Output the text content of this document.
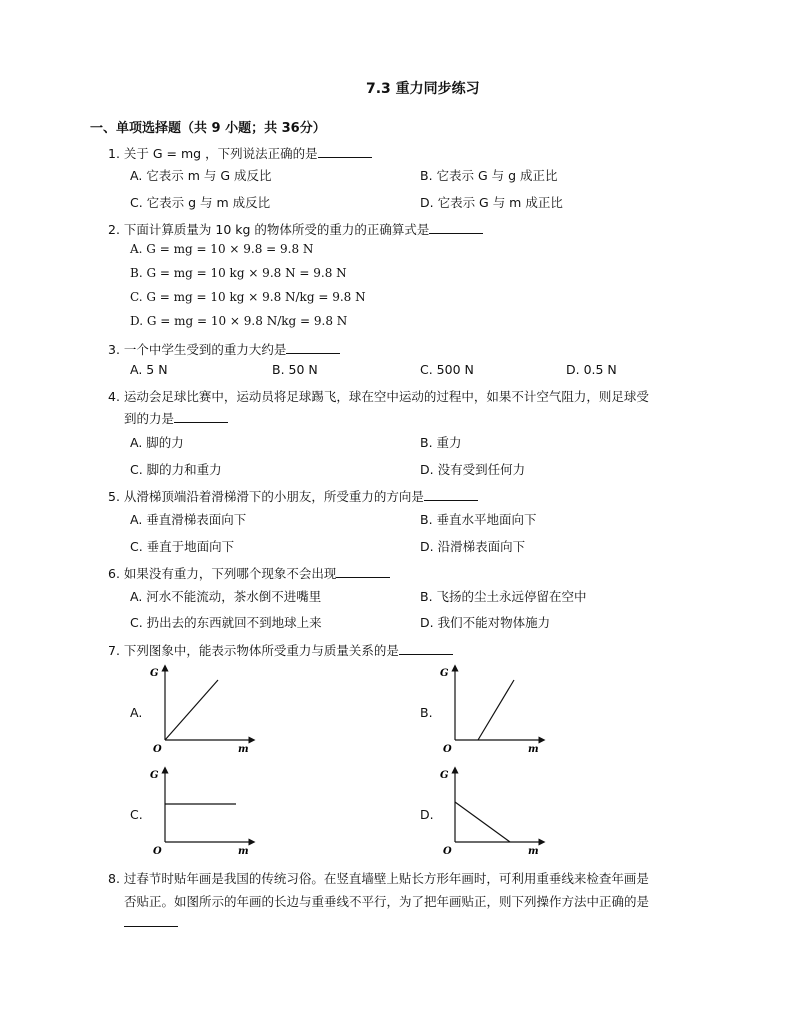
7.3 重力同步练习
一、单项选择题（共 9 小题；共 36分）
1. 关于 G = mg ，下列说法正确的是
A. 它表示 m 与 G 成反比	B. 它表示 G 与 g 成正比
C. 它表示 g 与 m 成反比	D. 它表示 G 与 m 成正比
2. 下面计算质量为 10 kg 的物体所受的重力的正确算式是
A. G = mg = 10 × 9.8 = 9.8 N
B. G = mg = 10 kg × 9.8 N = 9.8 N
C. G = mg = 10 kg × 9.8 N/kg = 9.8 N
D. G = mg = 10 × 9.8 N/kg = 9.8 N
3. 一个中学生受到的重力大约是
A. 5 N	B. 50 N	C. 500 N	D. 0.5 N
4. 运动会足球比赛中，运动员将足球踢飞，球在空中运动的过程中，如果不计空气阻力，则足球受
到的力是
A. 脚的力	B. 重力
C. 脚的力和重力	D. 没有受到任何力
5. 从滑梯顶端沿着滑梯滑下的小朋友，所受重力的方向是
A. 垂直滑梯表面向下	B. 垂直水平地面向下
C. 垂直于地面向下	D. 沿滑梯表面向下
6. 如果没有重力，下列哪个现象不会出现
A. 河水不能流动，茶水倒不进嘴里	B. 飞扬的尘土永远停留在空中
C. 扔出去的东西就回不到地球上来	D. 我们不能对物体施力
7. 下列图象中，能表示物体所受重力与质量关系的是
A.	B.
C.	D.
G
O	m
G
O	m
G
O	m
G
O	m
8. 过春节时贴年画是我国的传统习俗。在竖直墙壁上贴长方形年画时，可利用重垂线来检查年画是
否贴正。如图所示的年画的长边与重垂线不平行，为了把年画贴正，则下列操作方法中正确的是
